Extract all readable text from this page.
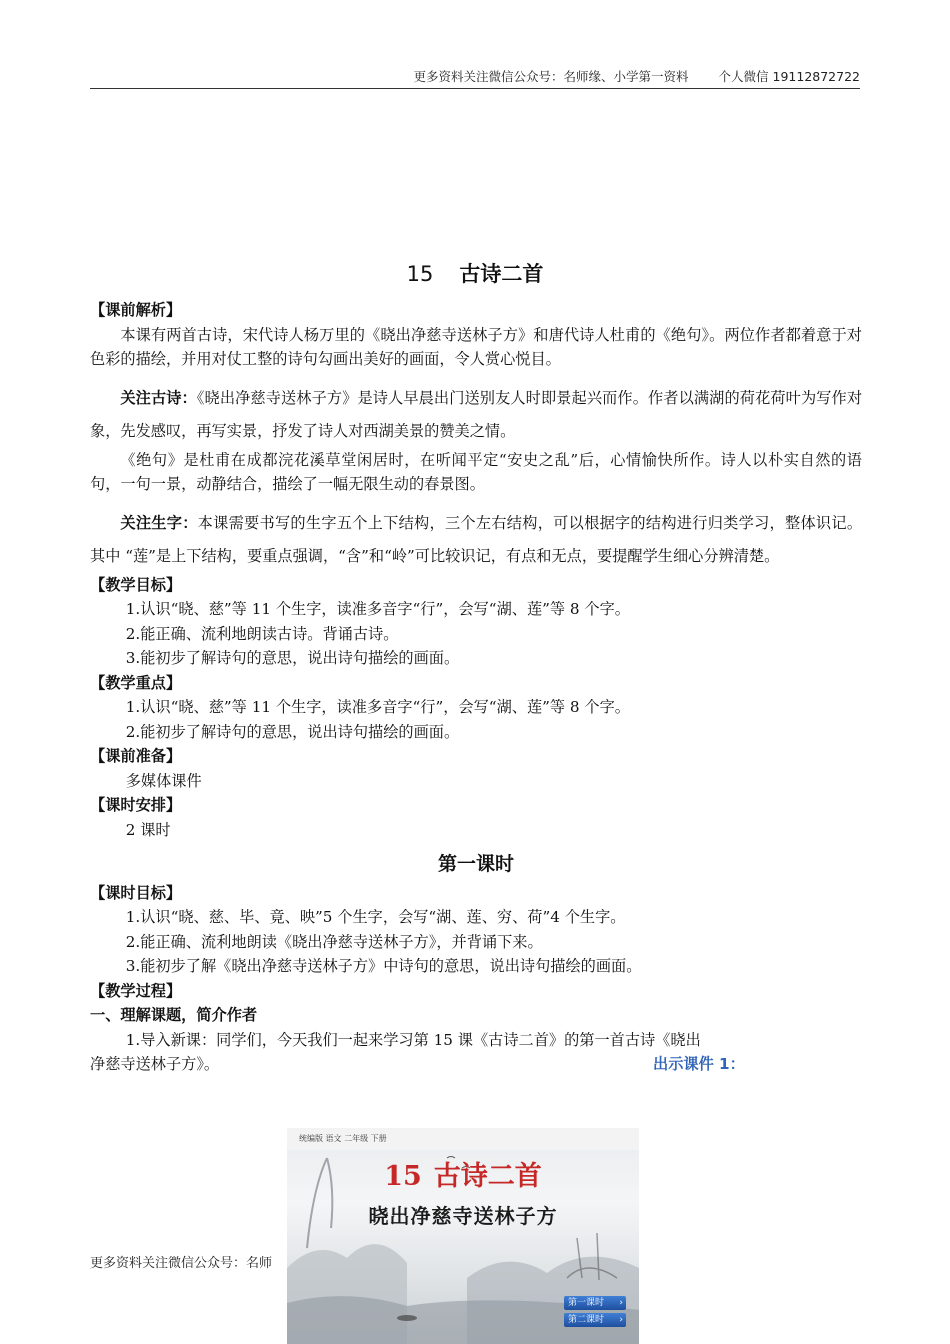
更多资料关注微信公众号：名师缘、小学第一资料 个人微信 19112872722
15 古诗二首
【课前解析】
本课有两首古诗，宋代诗人杨万里的《晓出净慈寺送林子方》和唐代诗人杜甫的《绝句》。两位作者都着意于对色彩的描绘，并用对仗工整的诗句勾画出美好的画面，令人赏心悦目。
关注古诗：《晓出净慈寺送林子方》是诗人早晨出门送别友人时即景起兴而作。作者以满湖的荷花荷叶为写作对象，先发感叹，再写实景，抒发了诗人对西湖美景的赞美之情。
《绝句》是杜甫在成都浣花溪草堂闲居时，在听闻平定“安史之乱”后，心情愉快所作。诗人以朴实自然的语句，一句一景，动静结合，描绘了一幅无限生动的春景图。
关注生字：本课需要书写的生字五个上下结构，三个左右结构，可以根据字的结构进行归类学习，整体识记。其中 “莲”是上下结构，要重点强调，“含”和“岭”可比较识记，有点和无点，要提醒学生细心分辨清楚。
【教学目标】
1.认识“晓、慈”等 11 个生字，读准多音字“行”，会写“湖、莲”等 8 个字。
2.能正确、流利地朗读古诗。背诵古诗。
3.能初步了解诗句的意思，说出诗句描绘的画面。
【教学重点】
1.认识“晓、慈”等 11 个生字，读准多音字“行”，会写“湖、莲”等 8 个字。
2.能初步了解诗句的意思，说出诗句描绘的画面。
【课前准备】
多媒体课件
【课时安排】
2 课时
第一课时
【课时目标】
1.认识“晓、慈、毕、竟、映”5 个生字，会写“湖、莲、穷、荷”4 个生字。
2.能正确、流利地朗读《晓出净慈寺送林子方》，并背诵下来。
3.能初步了解《晓出净慈寺送林子方》中诗句的意思，说出诗句描绘的画面。
【教学过程】
一、理解课题，简介作者
1.导入新课：同学们，今天我们一起来学习第 15 课《古诗二首》的第一首古诗《晓出
净慈寺送林子方》。	出示课件 1：
更多资料关注微信公众号：名师
统编版 语文 二年级 下册
15 古诗二首
晓出净慈寺送林子方
第一课时 ›
第二课时 ›
